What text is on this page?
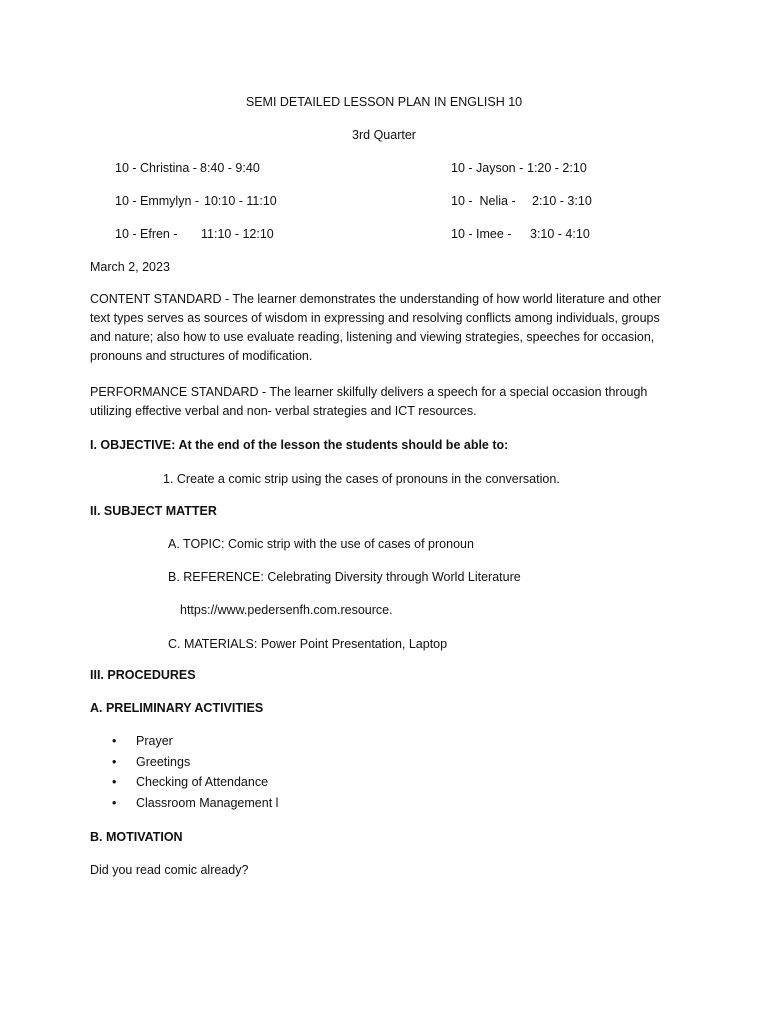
SEMI DETAILED LESSON PLAN IN ENGLISH 10
3rd Quarter
10 - Christina - 8:40 - 9:40
10 - Emmylyn - 10:10 - 11:10
10 - Efren - 11:10 - 12:10
10 - Jayson - 1:20 - 2:10
10 -  Nelia - 2:10 - 3:10
10 - Imee - 3:10 - 4:10
March 2, 2023
CONTENT STANDARD - The learner demonstrates the understanding of how world literature and other text types serves as sources of wisdom in expressing and resolving conflicts among individuals, groups and nature; also how to use evaluate reading, listening and viewing strategies, speeches for occasion, pronouns and structures of modification.
PERFORMANCE STANDARD - The learner skilfully delivers a speech for a special occasion through utilizing effective verbal and non- verbal strategies and ICT resources.
I. OBJECTIVE: At the end of the lesson the students should be able to:
1. Create a comic strip using the cases of pronouns in the conversation.
II. SUBJECT MATTER
A. TOPIC: Comic strip with the use of cases of pronoun
B. REFERENCE: Celebrating Diversity through World Literature
https://www.pedersenfh.com.resource.
C. MATERIALS: Power Point Presentation, Laptop
III. PROCEDURES
A. PRELIMINARY ACTIVITIES
• Prayer
• Greetings
• Checking of Attendance
• Classroom Management l
B. MOTIVATION
Did you read comic already?
